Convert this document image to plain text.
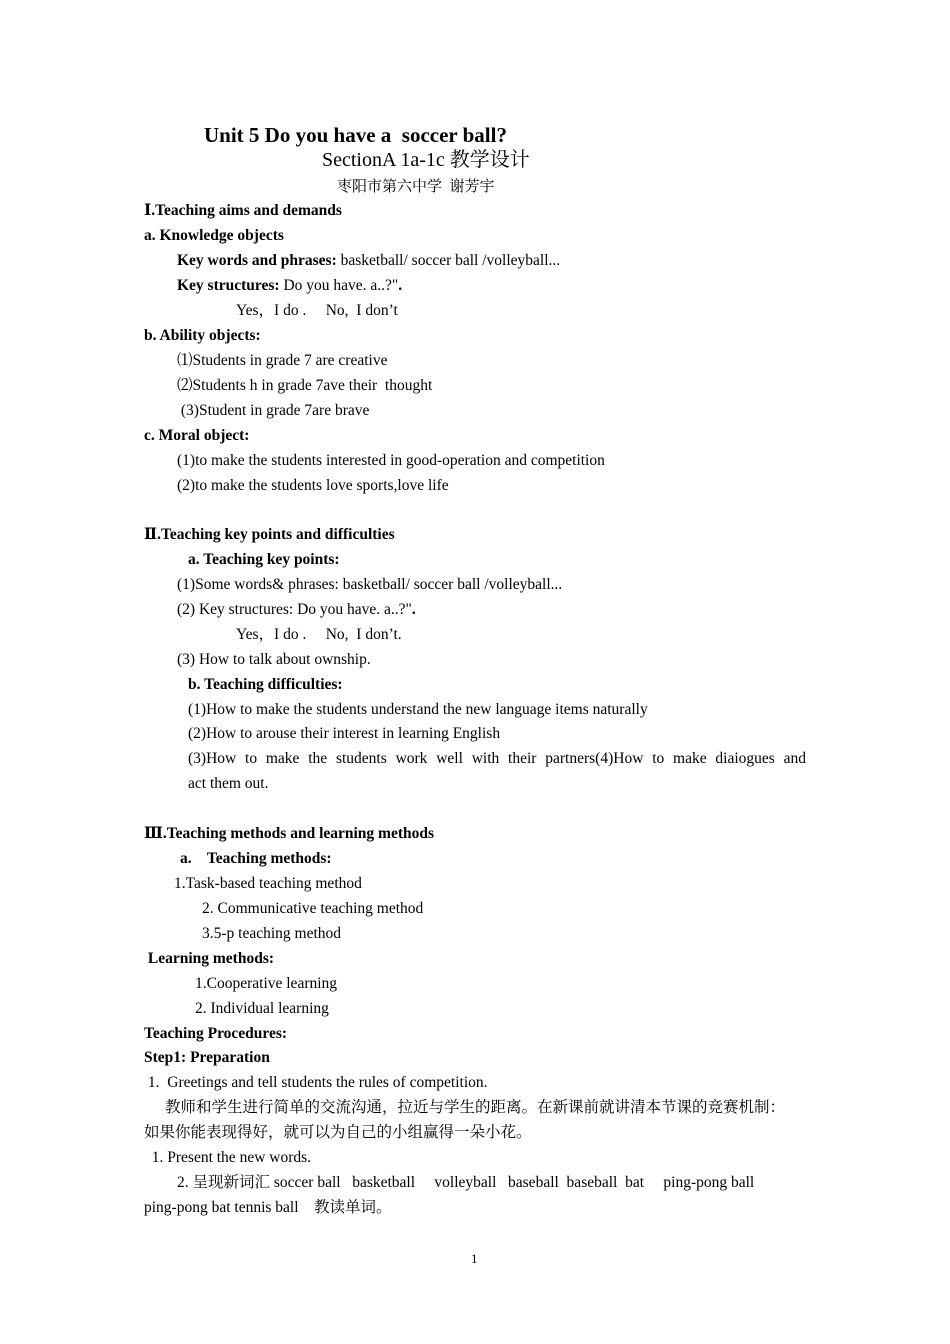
Unit 5 Do you have a  soccer ball?
SectionA 1a-1c 教学设计
枣阳市第六中学  谢芳宇
Ⅰ.Teaching aims and demands
a. Knowledge objects
Key words and phrases: basketball/ soccer ball /volleyball...
Key structures: Do you have. a..?".
Yes，I do .     No,  I don’t
b. Ability objects:
⑴Students in grade 7 are creative
⑵Students h in grade 7ave their  thought
(3)Student in grade 7are brave
c. Moral object:
(1)to make the students interested in good-operation and competition
(2)to make the students love sports,love life
Ⅱ.Teaching key points and difficulties
a. Teaching key points:
(1)Some words& phrases: basketball/ soccer ball /volleyball...
(2) Key structures: Do you have. a..?".
Yes，I do .     No,  I don’t.
(3) How to talk about ownship.
b. Teaching difficulties:
(1)How to make the students understand the new language items naturally
(2)How to arouse their interest in learning English
(3)How to make the students work well with their partners(4)How to make diaiogues and
act them out.
Ⅲ.Teaching methods and learning methods
a.    Teaching methods:
1.Task-based teaching method
2. Communicative teaching method
3.5-p teaching method
Learning methods:
1.Cooperative learning
2. Individual learning
Teaching Procedures:
Step1: Preparation
1.  Greetings and tell students the rules of competition.
教师和学生进行简单的交流沟通，拉近与学生的距离。在新课前就讲清本节课的竞赛机制：
如果你能表现得好，就可以为自己的小组赢得一朵小花。
1. Present the new words.
2. 呈现新词汇 soccer ball   basketball     volleyball   baseball  baseball  bat     ping-pong ball
ping-pong bat tennis ball    教读单词。
1
